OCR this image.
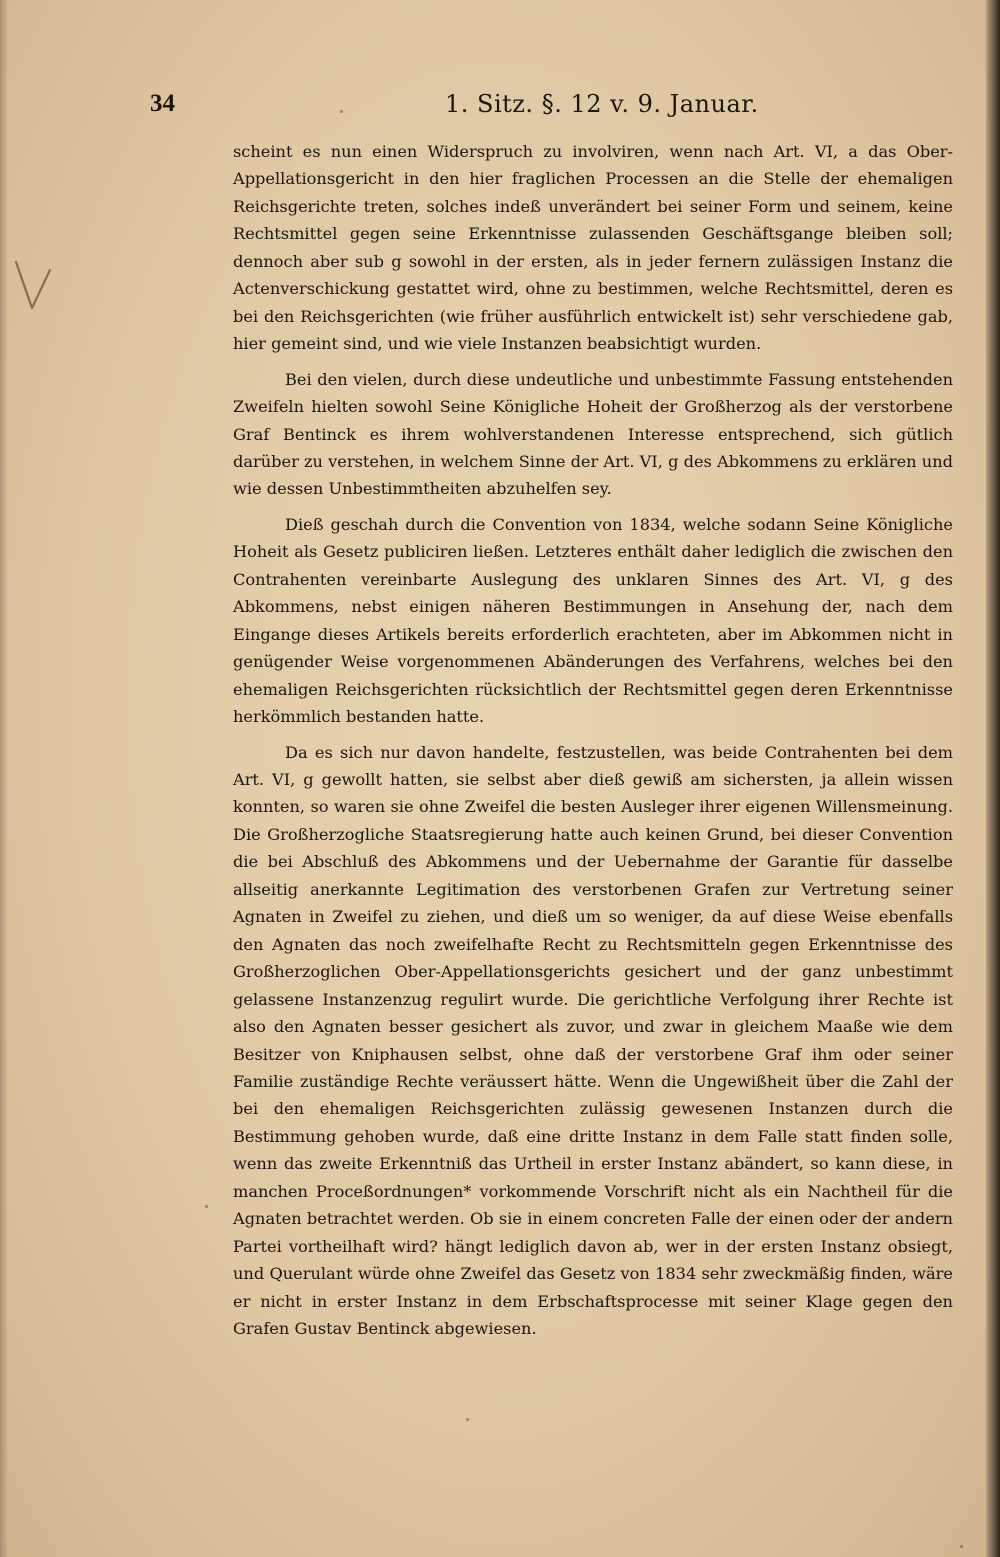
34	1. Sitz. §. 12 v. 9. Januar.

scheint es nun einen Widerspruch zu involviren, wenn nach Art. VI, a das Ober-Appellationsgericht in den hier fraglichen Processen an die Stelle der ehemaligen Reichsgerichte treten, solches indeß unverändert bei seiner Form und seinem, keine Rechtsmittel gegen seine Erkenntnisse zulassenden Geschäftsgange bleiben soll; dennoch aber sub g sowohl in der ersten, als in jeder fernern zulässigen Instanz die Actenverschickung gestattet wird, ohne zu bestimmen, welche Rechtsmittel, deren es bei den Reichsgerichten (wie früher ausführlich entwickelt ist) sehr verschiedene gab, hier gemeint sind, und wie viele Instanzen beabsichtigt wurden.

Bei den vielen, durch diese undeutliche und unbestimmte Fassung entstehenden Zweifeln hielten sowohl Seine Königliche Hoheit der Großherzog als der verstorbene Graf Bentinck es ihrem wohlverstandenen Interesse entsprechend, sich gütlich darüber zu verstehen, in welchem Sinne der Art. VI, g des Abkommens zu erklären und wie dessen Unbestimmtheiten abzuhelfen sey.

Dieß geschah durch die Convention von 1834, welche sodann Seine Königliche Hoheit als Gesetz publiciren ließen. Letzteres enthält daher lediglich die zwischen den Contrahenten vereinbarte Auslegung des unklaren Sinnes des Art. VI, g des Abkommens, nebst einigen näheren Bestimmungen in Ansehung der, nach dem Eingange dieses Artikels bereits erforderlich erachteten, aber im Abkommen nicht in genügender Weise vorgenommenen Abänderungen des Verfahrens, welches bei den ehemaligen Reichsgerichten rücksichtlich der Rechtsmittel gegen deren Erkenntnisse herkömmlich bestanden hatte.

Da es sich nur davon handelte, festzustellen, was beide Contrahenten bei dem Art. VI, g gewollt hatten, sie selbst aber dieß gewiß am sichersten, ja allein wissen konnten, so waren sie ohne Zweifel die besten Ausleger ihrer eigenen Willensmeinung. Die Großherzogliche Staatsregierung hatte auch keinen Grund, bei dieser Convention die bei Abschluß des Abkommens und der Uebernahme der Garantie für dasselbe allseitig anerkannte Legitimation des verstorbenen Grafen zur Vertretung seiner Agnaten in Zweifel zu ziehen, und dieß um so weniger, da auf diese Weise ebenfalls den Agnaten das noch zweifelhafte Recht zu Rechtsmitteln gegen Erkenntnisse des Großherzoglichen Ober-Appellationsgerichts gesichert und der ganz unbestimmt gelassene Instanzenzug regulirt wurde. Die gerichtliche Verfolgung ihrer Rechte ist also den Agnaten besser gesichert als zuvor, und zwar in gleichem Maaße wie dem Besitzer von Kniphausen selbst, ohne daß der verstorbene Graf ihm oder seiner Familie zuständige Rechte veräussert hätte. Wenn die Ungewißheit über die Zahl der bei den ehemaligen Reichsgerichten zulässig gewesenen Instanzen durch die Bestimmung gehoben wurde, daß eine dritte Instanz in dem Falle statt finden solle, wenn das zweite Erkenntniß das Urtheil in erster Instanz abändert, so kann diese, in manchen Proceßordnungen* vorkommende Vorschrift nicht als ein Nachtheil für die Agnaten betrachtet werden. Ob sie in einem concreten Falle der einen oder der andern Partei vortheilhaft wird? hängt lediglich davon ab, wer in der ersten Instanz obsiegt, und Querulant würde ohne Zweifel das Gesetz von 1834 sehr zweckmäßig finden, wäre er nicht in erster Instanz in dem Erbschaftsprocesse mit seiner Klage gegen den Grafen Gustav Bentinck abgewiesen.
